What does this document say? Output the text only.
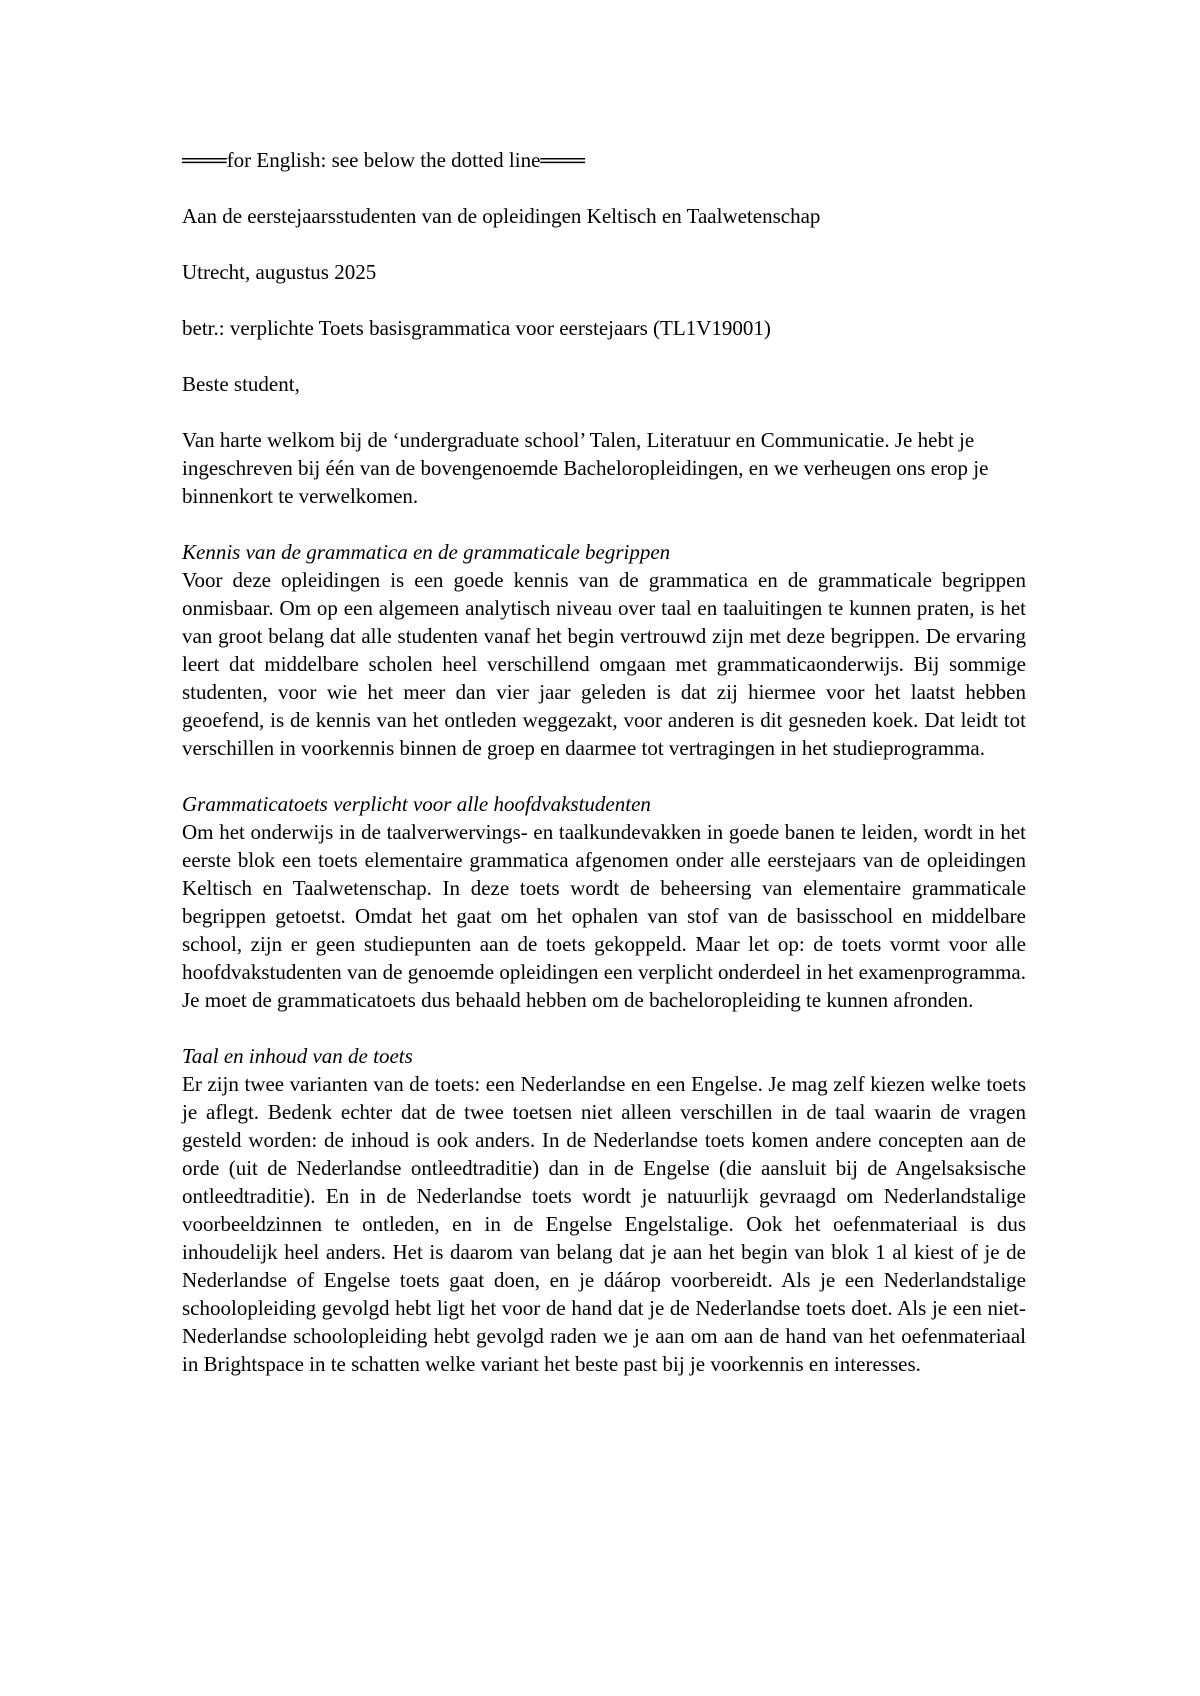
═══for English: see below the dotted line═══

Aan de eerstejaarsstudenten van de opleidingen Keltisch en Taalwetenschap

Utrecht, augustus 2025

betr.: verplichte Toets basisgrammatica voor eerstejaars (TL1V19001)

Beste student,

Van harte welkom bij de ‘undergraduate school’ Talen, Literatuur en Communicatie. Je hebt je ingeschreven bij één van de bovengenoemde Bacheloropleidingen, en we verheugen ons erop je binnenkort te verwelkomen.

Kennis van de grammatica en de grammaticale begrippen

Voor deze opleidingen is een goede kennis van de grammatica en de grammaticale begrippen onmisbaar. Om op een algemeen analytisch niveau over taal en taaluitingen te kunnen praten, is het van groot belang dat alle studenten vanaf het begin vertrouwd zijn met deze begrippen. De ervaring leert dat middelbare scholen heel verschillend omgaan met grammaticaonderwijs. Bij sommige studenten, voor wie het meer dan vier jaar geleden is dat zij hiermee voor het laatst hebben geoefend, is de kennis van het ontleden weggezakt, voor anderen is dit gesneden koek. Dat leidt tot verschillen in voorkennis binnen de groep en daarmee tot vertragingen in het studieprogramma.

Grammaticatoets verplicht voor alle hoofdvakstudenten

Om het onderwijs in de taalverwervings- en taalkundevakken in goede banen te leiden, wordt in het eerste blok een toets elementaire grammatica afgenomen onder alle eerstejaars van de opleidingen Keltisch en Taalwetenschap. In deze toets wordt de beheersing van elementaire grammaticale begrippen getoetst. Omdat het gaat om het ophalen van stof van de basisschool en middelbare school, zijn er geen studiepunten aan de toets gekoppeld. Maar let op: de toets vormt voor alle hoofdvakstudenten van de genoemde opleidingen een verplicht onderdeel in het examenprogramma. Je moet de grammaticatoets dus behaald hebben om de bacheloropleiding te kunnen afronden.

Taal en inhoud van de toets

Er zijn twee varianten van de toets: een Nederlandse en een Engelse. Je mag zelf kiezen welke toets je aflegt. Bedenk echter dat de twee toetsen niet alleen verschillen in de taal waarin de vragen gesteld worden: de inhoud is ook anders. In de Nederlandse toets komen andere concepten aan de orde (uit de Nederlandse ontleedtraditie) dan in de Engelse (die aansluit bij de Angelsaksische ontleedtraditie). En in de Nederlandse toets wordt je natuurlijk gevraagd om Nederlandstalige voorbeeldzinnen te ontleden, en in de Engelse Engelstalige. Ook het oefenmateriaal is dus inhoudelijk heel anders. Het is daarom van belang dat je aan het begin van blok 1 al kiest of je de Nederlandse of Engelse toets gaat doen, en je dáárop voorbereidt. Als je een Nederlandstalige schoolopleiding gevolgd hebt ligt het voor de hand dat je de Nederlandse toets doet. Als je een niet-Nederlandse schoolopleiding hebt gevolgd raden we je aan om aan de hand van het oefenmateriaal in Brightspace in te schatten welke variant het beste past bij je voorkennis en interesses.
